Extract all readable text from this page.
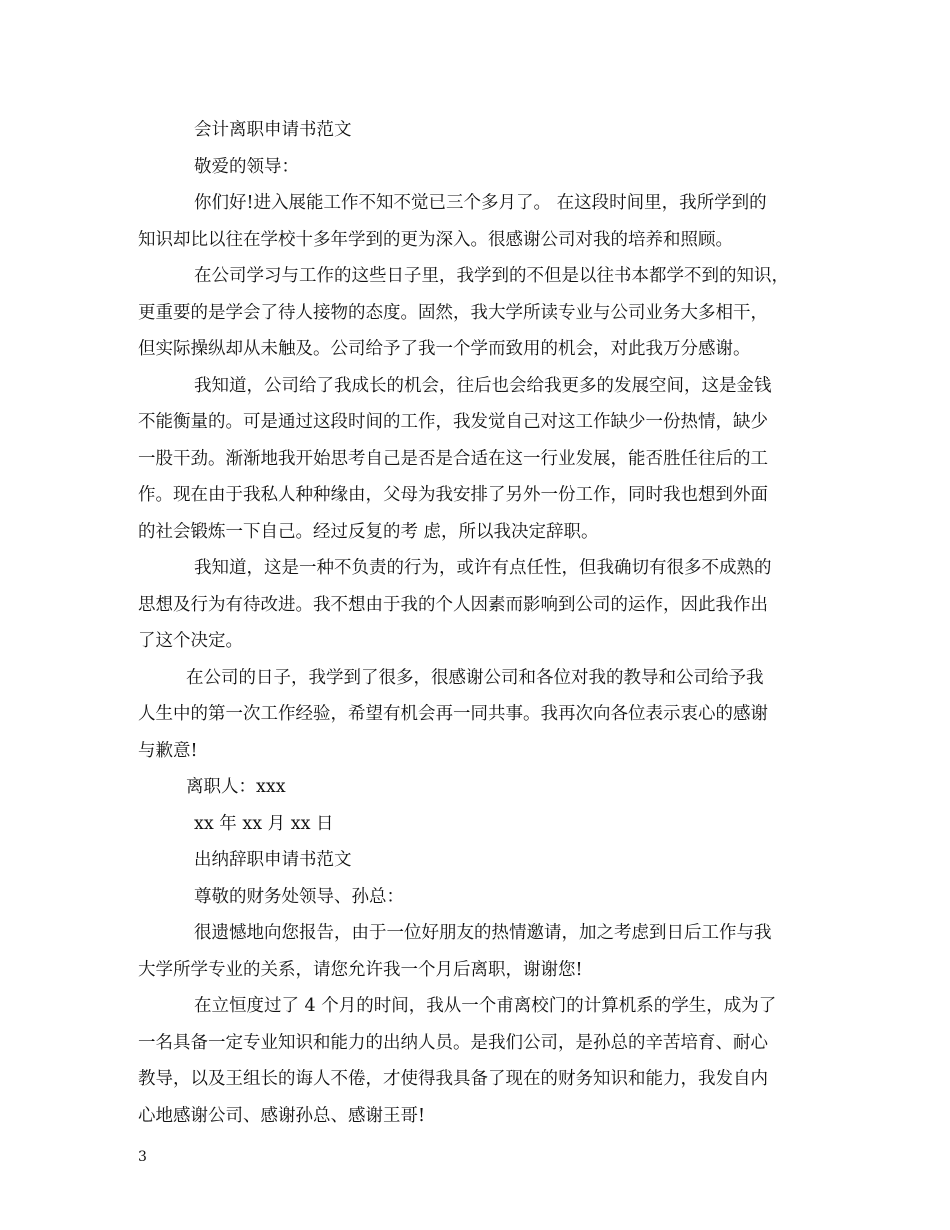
会计离职申请书范文
敬爱的领导：
你们好!进入展能工作不知不觉已三个多月了。 在这段时间里，我所学到的
知识却比以往在学校十多年学到的更为深入。很感谢公司对我的培养和照顾。
在公司学习与工作的这些日子里，我学到的不但是以往书本都学不到的知识，
更重要的是学会了待人接物的态度。固然，我大学所读专业与公司业务大多相干，
但实际操纵却从未触及。公司给予了我一个学而致用的机会，对此我万分感谢。
我知道，公司给了我成长的机会，往后也会给我更多的发展空间，这是金钱
不能衡量的。可是通过这段时间的工作，我发觉自己对这工作缺少一份热情，缺少
一股干劲。渐渐地我开始思考自己是否是合适在这一行业发展，能否胜任往后的工
作。现在由于我私人种种缘由，父母为我安排了另外一份工作，同时我也想到外面
的社会锻炼一下自己。经过反复的考 虑，所以我决定辞职。
我知道，这是一种不负责的行为，或许有点任性，但我确切有很多不成熟的
思想及行为有待改进。我不想由于我的个人因素而影响到公司的运作，因此我作出
了这个决定。
在公司的日子，我学到了很多，很感谢公司和各位对我的教导和公司给予我
人生中的第一次工作经验，希望有机会再一同共事。我再次向各位表示衷心的感谢
与歉意!
离职人：xxx
xx 年 xx 月 xx 日
出纳辞职申请书范文
尊敬的财务处领导、孙总：
很遗憾地向您报告，由于一位好朋友的热情邀请，加之考虑到日后工作与我
大学所学专业的关系，请您允许我一个月后离职，谢谢您!
在立恒度过了 4 个月的时间，我从一个甫离校门的计算机系的学生，成为了
一名具备一定专业知识和能力的出纳人员。是我们公司，是孙总的辛苦培育、耐心
教导，以及王组长的诲人不倦，才使得我具备了现在的财务知识和能力，我发自内
心地感谢公司、感谢孙总、感谢王哥!
3
